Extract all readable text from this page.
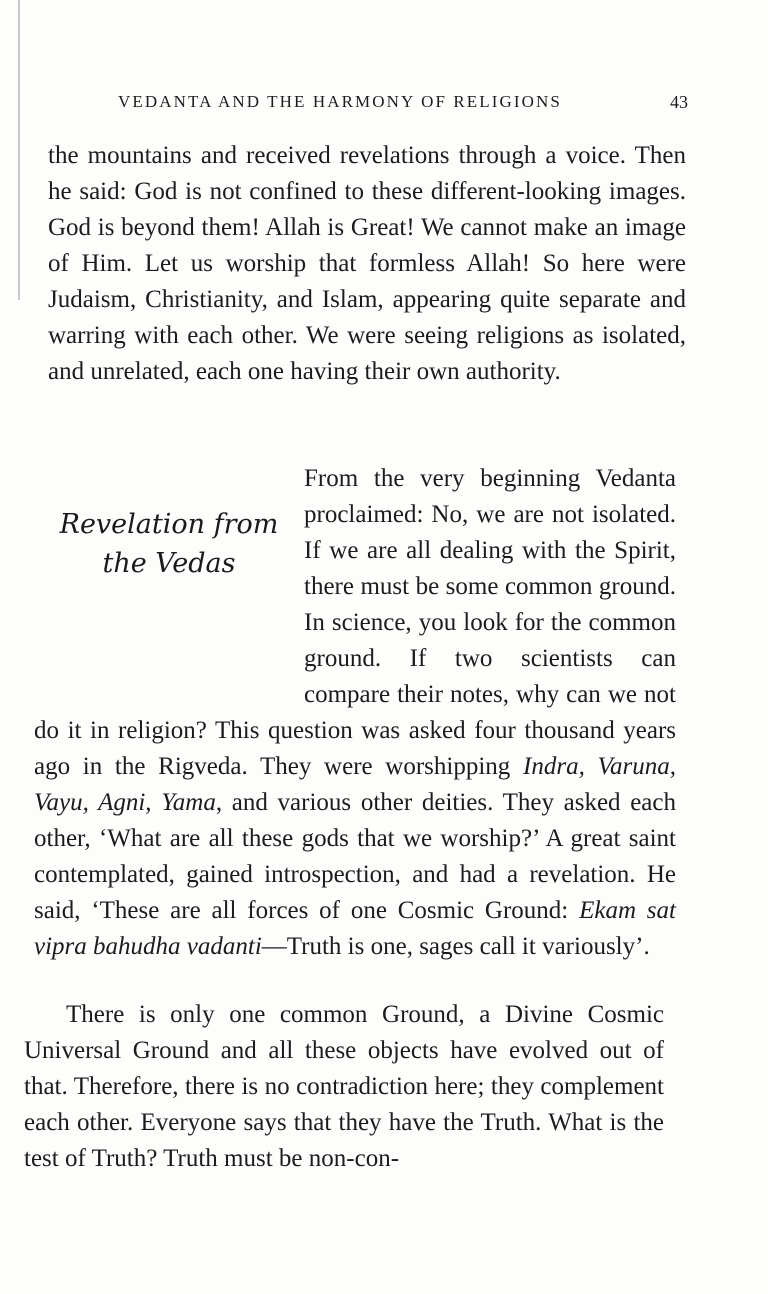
VEDANTA AND THE HARMONY OF RELIGIONS	43

the mountains and received revelations through a voice. Then he said: God is not confined to these different-looking images. God is beyond them! Allah is Great! We cannot make an image of Him. Let us worship that formless Allah! So here were Judaism, Christianity, and Islam, appearing quite separate and warring with each other. We were seeing religions as isolated, and unrelated, each one having their own authority.

Revelation from
the Vedas
From the very beginning Vedanta proclaimed: No, we are not isolated. If we are all dealing with the Spirit, there must be some common ground. In science, you look for the common ground. If two scientists can compare their notes, why can we not do it in religion? This question was asked four thousand years ago in the Rigveda. They were worshipping Indra, Varuna, Vayu, Agni, Yama, and various other deities. They asked each other, ‘What are all these gods that we worship?’ A great saint contemplated, gained introspection, and had a revelation. He said, ‘These are all forces of one Cosmic Ground: Ekam sat vipra bahudha vadanti—Truth is one, sages call it variously’.

There is only one common Ground, a Divine Cosmic Universal Ground and all these objects have evolved out of that. Therefore, there is no contradiction here; they complement each other. Everyone says that they have the Truth. What is the test of Truth? Truth must be non-con-
